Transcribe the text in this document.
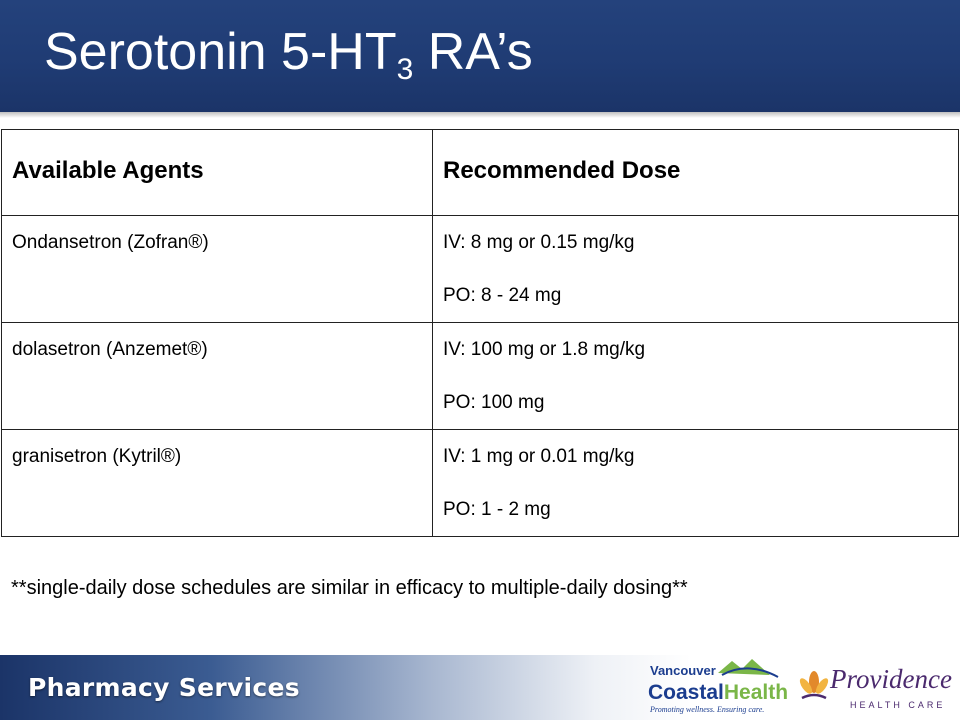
Serotonin $5-HT_3$ RA’s
Available Agents	Recommended Dose
Ondansetron (Zofran®)	IV: 8 mg or 0.15 mg/kg
PO: 8 - 24 mg

dolasetron (Anzemet®)	IV: 100 mg or 1.8 mg/kg
PO: 100 mg

granisetron (Kytril®)	IV: 1 mg or 0.01 mg/kg
PO: 1 - 2 mg

**single-daily dose schedules are similar in efficacy to multiple-daily dosing**

Pharmacy Services

Vancouver
CoastalHealth
Promoting wellness. Ensuring care.
Providence
HEALTH CARE
